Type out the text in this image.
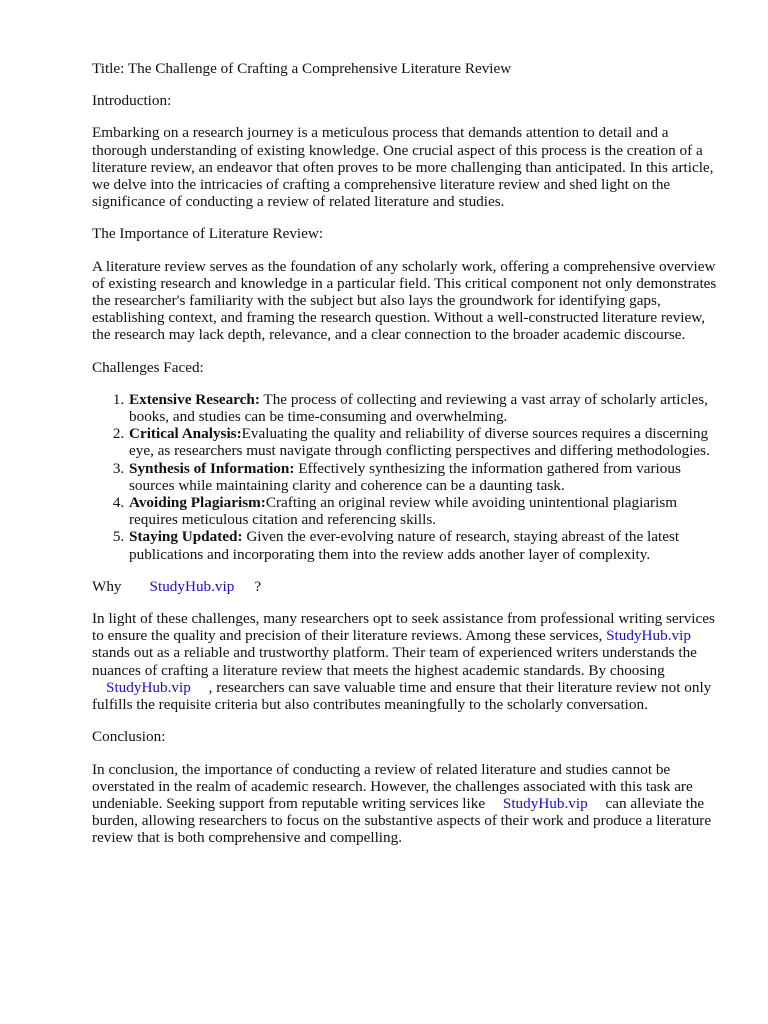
Title: The Challenge of Crafting a Comprehensive Literature Review

Introduction:

Embarking on a research journey is a meticulous process that demands attention to detail and a thorough understanding of existing knowledge. One crucial aspect of this process is the creation of a literature review, an endeavor that often proves to be more challenging than anticipated. In this article, we delve into the intricacies of crafting a comprehensive literature review and shed light on the significance of conducting a review of related literature and studies.

The Importance of Literature Review:

A literature review serves as the foundation of any scholarly work, offering a comprehensive overview of existing research and knowledge in a particular field. This critical component not only demonstrates the researcher's familiarity with the subject but also lays the groundwork for identifying gaps, establishing context, and framing the research question. Without a well-constructed literature review, the research may lack depth, relevance, and a clear connection to the broader academic discourse.

Challenges Faced:

1. Extensive Research: The process of collecting and reviewing a vast array of scholarly articles, books, and studies can be time-consuming and overwhelming.
2. Critical Analysis:Evaluating the quality and reliability of diverse sources requires a discerning eye, as researchers must navigate through conflicting perspectives and differing methodologies.
3. Synthesis of Information: Effectively synthesizing the information gathered from various sources while maintaining clarity and coherence can be a daunting task.
4. Avoiding Plagiarism:Crafting an original review while avoiding unintentional plagiarism requires meticulous citation and referencing skills.
5. Staying Updated: Given the ever-evolving nature of research, staying abreast of the latest publications and incorporating them into the review adds another layer of complexity.

Why StudyHub.vip ?

In light of these challenges, many researchers opt to seek assistance from professional writing services to ensure the quality and precision of their literature reviews. Among these services, StudyHub.vip stands out as a reliable and trustworthy platform. Their team of experienced writers understands the nuances of crafting a literature review that meets the highest academic standards. By choosing StudyHub.vip , researchers can save valuable time and ensure that their literature review not only fulfills the requisite criteria but also contributes meaningfully to the scholarly conversation.

Conclusion:

In conclusion, the importance of conducting a review of related literature and studies cannot be overstated in the realm of academic research. However, the challenges associated with this task are undeniable. Seeking support from reputable writing services like StudyHub.vip can alleviate the burden, allowing researchers to focus on the substantive aspects of their work and produce a literature review that is both comprehensive and compelling.
